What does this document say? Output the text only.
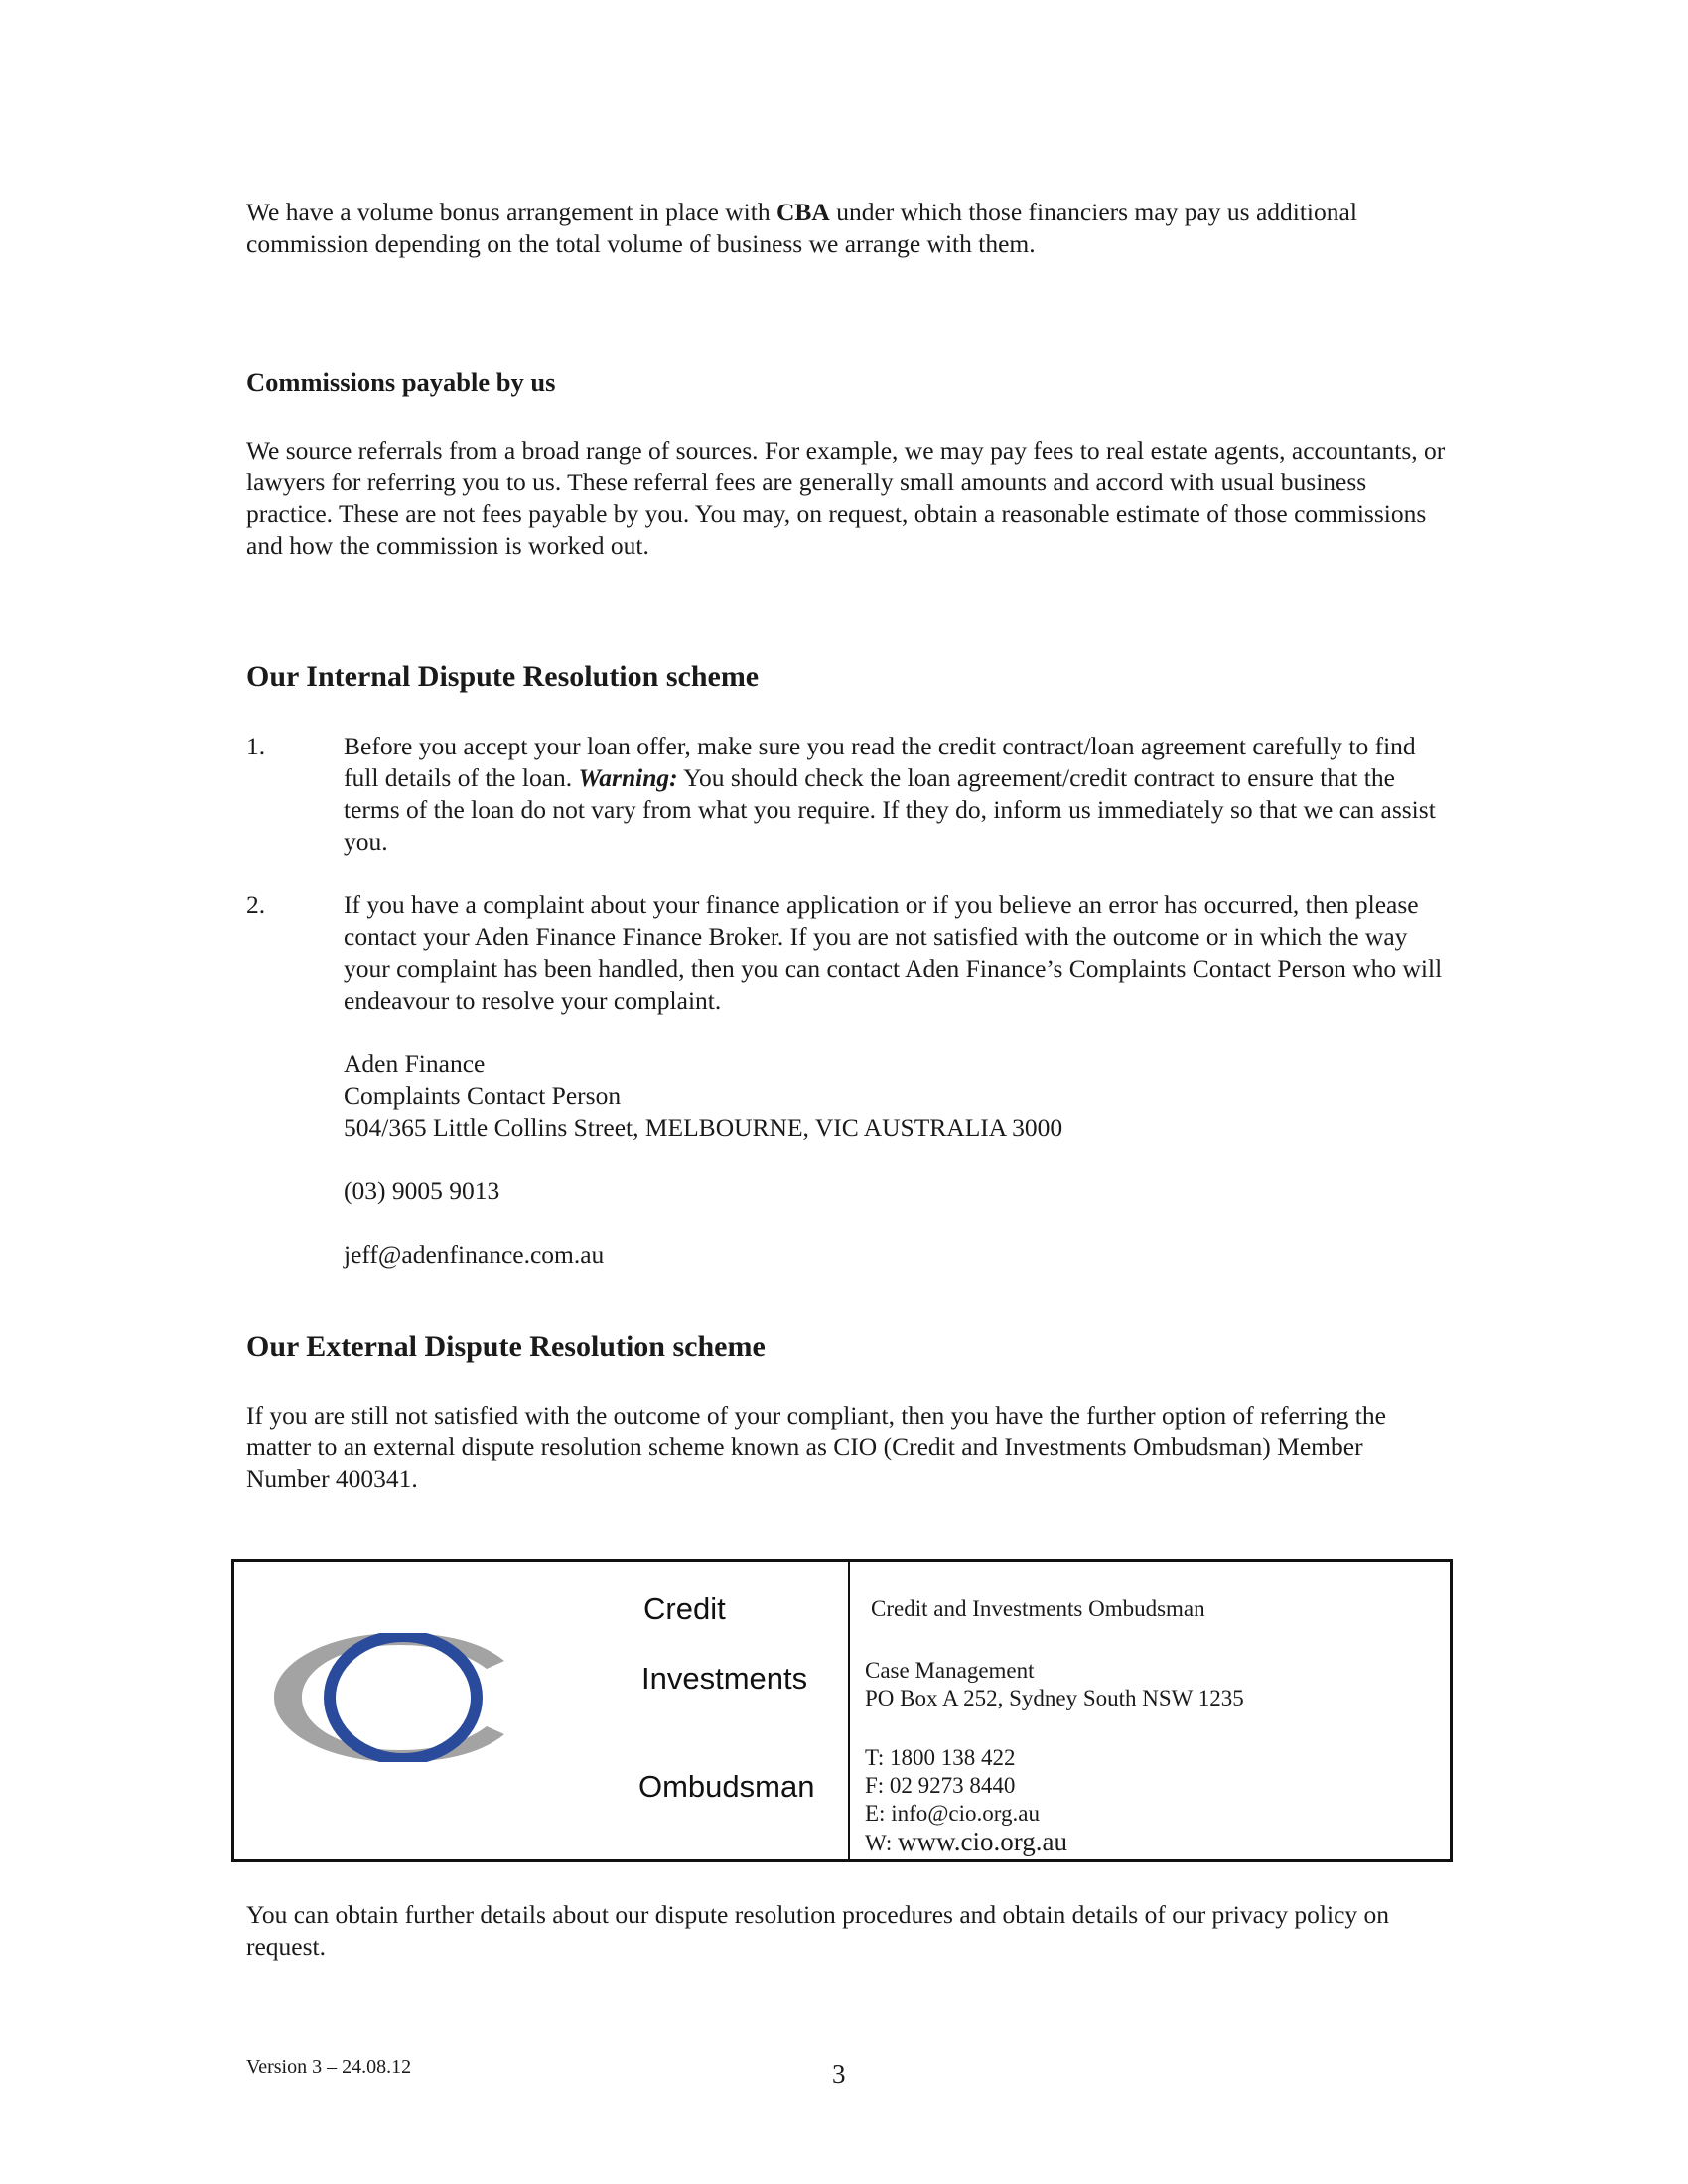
We have a volume bonus arrangement in place with CBA under which those financiers may pay us additional commission depending on the total volume of business we arrange with them.

Commissions payable by us

We source referrals from a broad range of sources. For example, we may pay fees to real estate agents, accountants, or lawyers for referring you to us. These referral fees are generally small amounts and accord with usual business practice. These are not fees payable by you. You may, on request, obtain a reasonable estimate of those commissions and how the commission is worked out.

Our Internal Dispute Resolution scheme
1.	Before you accept your loan offer, make sure you read the credit contract/loan agreement carefully to find full details of the loan. Warning: You should check the loan agreement/credit contract to ensure that the terms of the loan do not vary from what you require. If they do, inform us immediately so that we can assist you.

2.	If you have a complaint about your finance application or if you believe an error has occurred, then please contact your Aden Finance Finance Broker. If you are not satisfied with the outcome or in which the way your complaint has been handled, then you can contact Aden Finance’s Complaints Contact Person who will endeavour to resolve your complaint.

Aden Finance

Complaints Contact Person

504/365 Little Collins Street, MELBOURNE, VIC AUSTRALIA 3000

(03) 9005 9013

jeff@adenfinance.com.au

Our External Dispute Resolution scheme

If you are still not satisfied with the outcome of your compliant, then you have the further option of referring the matter to an external dispute resolution scheme known as CIO (Credit and Investments Ombudsman) Member Number 400341.

Credit
Investments
Ombudsman

Credit and Investments Ombudsman

Case Management

PO Box A 252, Sydney South NSW 1235

T: 1800 138 422

F: 02 9273 8440

E: info@cio.org.au

W: www.cio.org.au

You can obtain further details about our dispute resolution procedures and obtain details of our privacy policy on request.

Version 3 – 24.08.12	3
